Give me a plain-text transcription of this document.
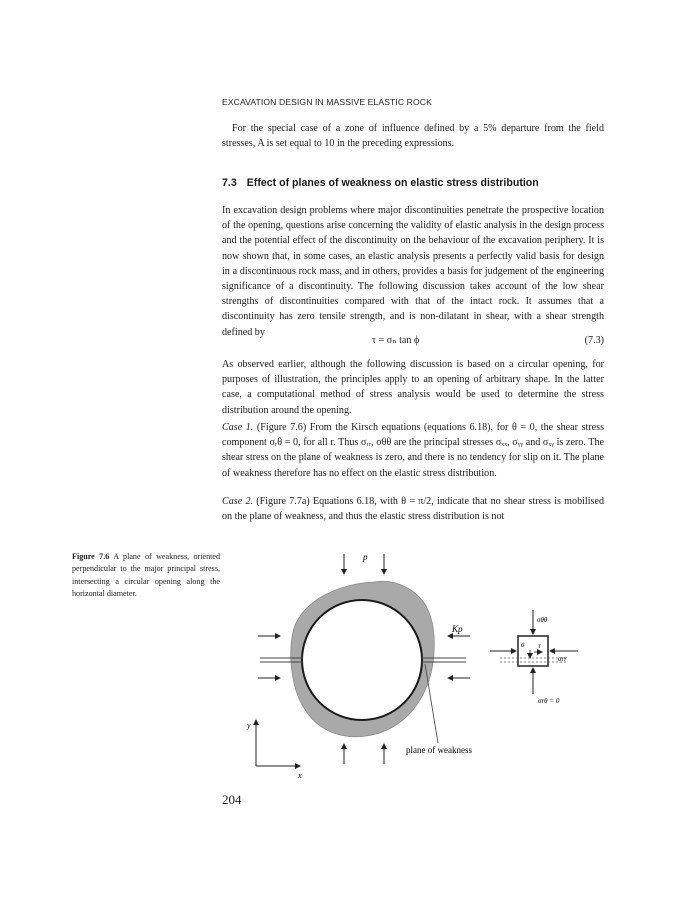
EXCAVATION DESIGN IN MASSIVE ELASTIC ROCK

For the special case of a zone of influence defined by a 5% departure from the field stresses, A is set equal to 10 in the preceding expressions.

7.3 Effect of planes of weakness on elastic stress distribution

In excavation design problems where major discontinuities penetrate the prospective location of the opening, questions arise concerning the validity of elastic analysis in the design process and the potential effect of the discontinuity on the behaviour of the excavation periphery. It is now shown that, in some cases, an elastic analysis presents a perfectly valid basis for design in a discontinuous rock mass, and in others, provides a basis for judgement of the engineering significance of a discontinuity. The following discussion takes account of the low shear strengths of discontinuities compared with that of the intact rock. It assumes that a discontinuity has zero tensile strength, and is non-dilatant in shear, with a shear strength defined by

τ = σₙ tan ϕ	(7.3)

As observed earlier, although the following discussion is based on a circular opening, for purposes of illustration, the principles apply to an opening of arbitrary shape. In the latter case, a computational method of stress analysis would be used to determine the stress distribution around the opening.

Case 1. (Figure 7.6) From the Kirsch equations (equations 6.18), for θ = 0, the shear stress component σᵣθ = 0, for all r. Thus σᵣᵣ, σθθ are the principal stresses σₓₓ, σᵧᵧ and σₓᵧ is zero. The shear stress on the plane of weakness is zero, and there is no tendency for slip on it. The plane of weakness therefore has no effect on the elastic stress distribution.

Case 2. (Figure 7.7a) Equations 6.18, with θ = π/2, indicate that no shear stress is mobilised on the plane of weakness, and thus the elastic stress distribution is not

Figure 7.6 A plane of weakness, oriented perpendicular to the major principal stress, intersecting a circular opening along the horizontal diameter.
p
Kp
σθθ
σrr
σ τ
σrθ = 0
y
x
plane of weakness
204
